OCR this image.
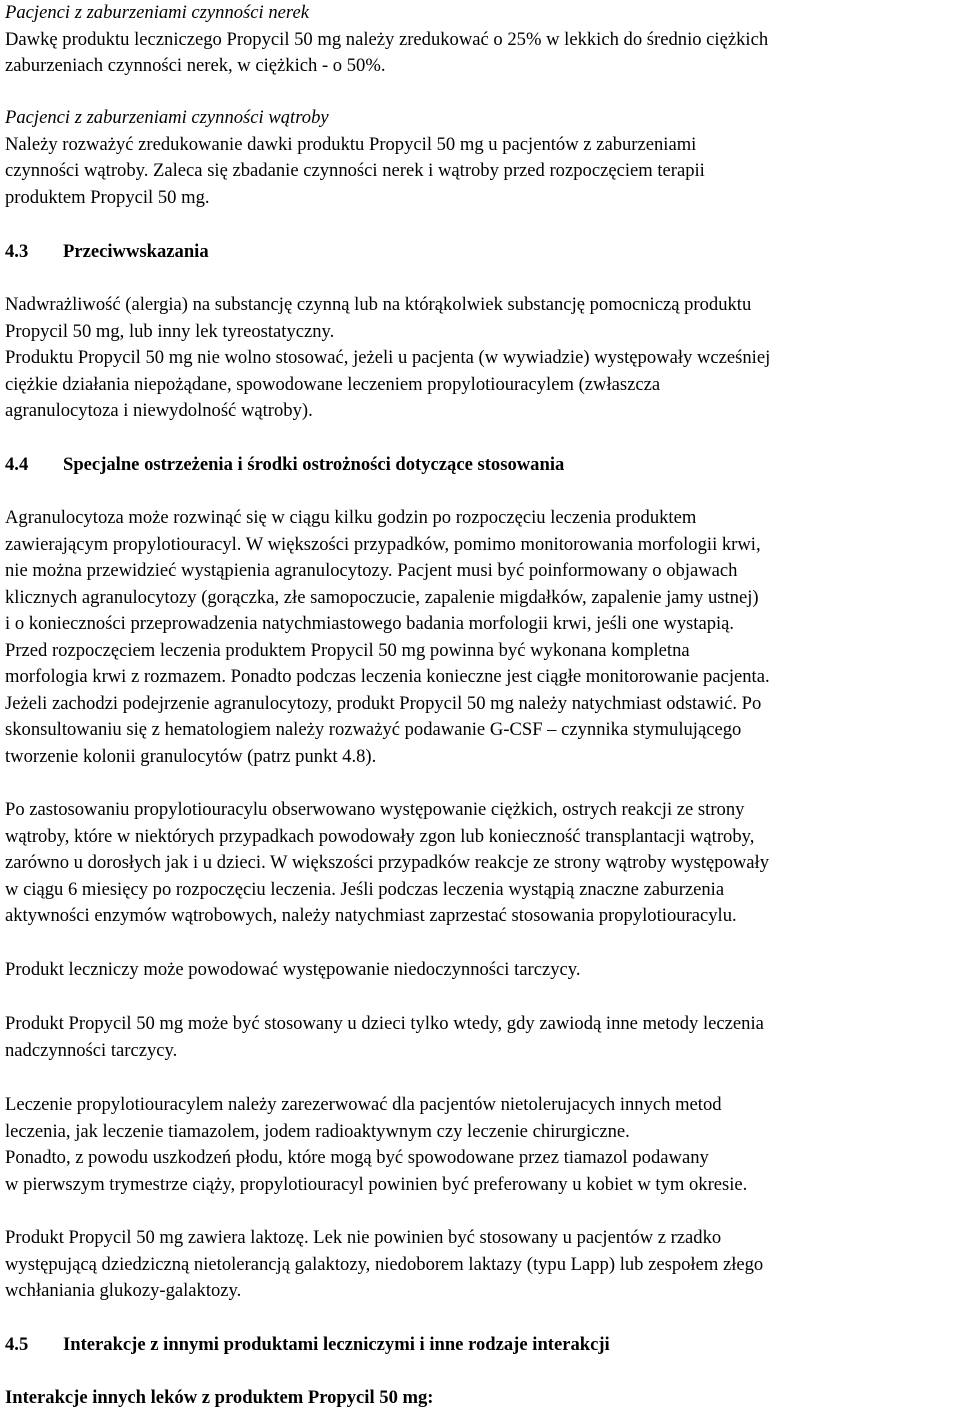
Pacjenci z zaburzeniami czynności nerek
Dawkę produktu leczniczego Propycil 50 mg należy zredukować o 25% w lekkich do średnio ciężkich
zaburzeniach czynności nerek, w ciężkich - o 50%.
Pacjenci z zaburzeniami czynności wątroby
Należy rozważyć zredukowanie dawki produktu Propycil 50 mg u pacjentów z zaburzeniami
czynności wątroby. Zaleca się zbadanie czynności nerek i wątroby przed rozpoczęciem terapii
produktem Propycil 50 mg.
4.3 Przeciwwskazania
Nadwrażliwość (alergia) na substancję czynną lub na którąkolwiek substancję pomocniczą produktu
Propycil 50 mg, lub inny lek tyreostatyczny.
Produktu Propycil 50 mg nie wolno stosować, jeżeli u pacjenta (w wywiadzie) występowały wcześniej
ciężkie działania niepożądane, spowodowane leczeniem propylotiouracylem (zwłaszcza
agranulocytoza i niewydolność wątroby).
4.4 Specjalne ostrzeżenia i środki ostrożności dotyczące stosowania
Agranulocytoza może rozwinąć się w ciągu kilku godzin po rozpoczęciu leczenia produktem
zawierającym propylotiouracyl. W większości przypadków, pomimo monitorowania morfologii krwi,
nie można przewidzieć wystąpienia agranulocytozy. Pacjent musi być poinformowany o objawach
klicznych agranulocytozy (gorączka, złe samopoczucie, zapalenie migdałków, zapalenie jamy ustnej)
i o konieczności przeprowadzenia natychmiastowego badania morfologii krwi, jeśli one wystapią.
Przed rozpoczęciem leczenia produktem Propycil 50 mg powinna być wykonana kompletna
morfologia krwi z rozmazem. Ponadto podczas leczenia konieczne jest ciągłe monitorowanie pacjenta.
Jeżeli zachodzi podejrzenie agranulocytozy, produkt Propycil 50 mg należy natychmiast odstawić. Po
skonsultowaniu się z hematologiem należy rozważyć podawanie G-CSF – czynnika stymulującego
tworzenie kolonii granulocytów (patrz punkt 4.8).
Po zastosowaniu propylotiouracylu obserwowano występowanie ciężkich, ostrych reakcji ze strony
wątroby, które w niektórych przypadkach powodowały zgon lub konieczność transplantacji wątroby,
zarówno u dorosłych jak i u dzieci. W większości przypadków reakcje ze strony wątroby występowały
w ciągu 6 miesięcy po rozpoczęciu leczenia. Jeśli podczas leczenia wystąpią znaczne zaburzenia
aktywności enzymów wątrobowych, należy natychmiast zaprzestać stosowania propylotiouracylu.
Produkt leczniczy może powodować występowanie niedoczynności tarczycy.
Produkt Propycil 50 mg może być stosowany u dzieci tylko wtedy, gdy zawiodą inne metody leczenia
nadczynności tarczycy.
Leczenie propylotiouracylem należy zarezerwować dla pacjentów nietolerujacych innych metod
leczenia, jak leczenie tiamazolem, jodem radioaktywnym czy leczenie chirurgiczne.
Ponadto, z powodu uszkodzeń płodu, które mogą być spowodowane przez tiamazol podawany
w pierwszym trymestrze ciąży, propylotiouracyl powinien być preferowany u kobiet w tym okresie.
Produkt Propycil 50 mg zawiera laktozę. Lek nie powinien być stosowany u pacjentów z rzadko
występującą dziedziczną nietolerancją galaktozy, niedoborem laktazy (typu Lapp) lub zespołem złego
wchłaniania glukozy-galaktozy.
4.5 Interakcje z innymi produktami leczniczymi i inne rodzaje interakcji
Interakcje innych leków z produktem Propycil 50 mg:
